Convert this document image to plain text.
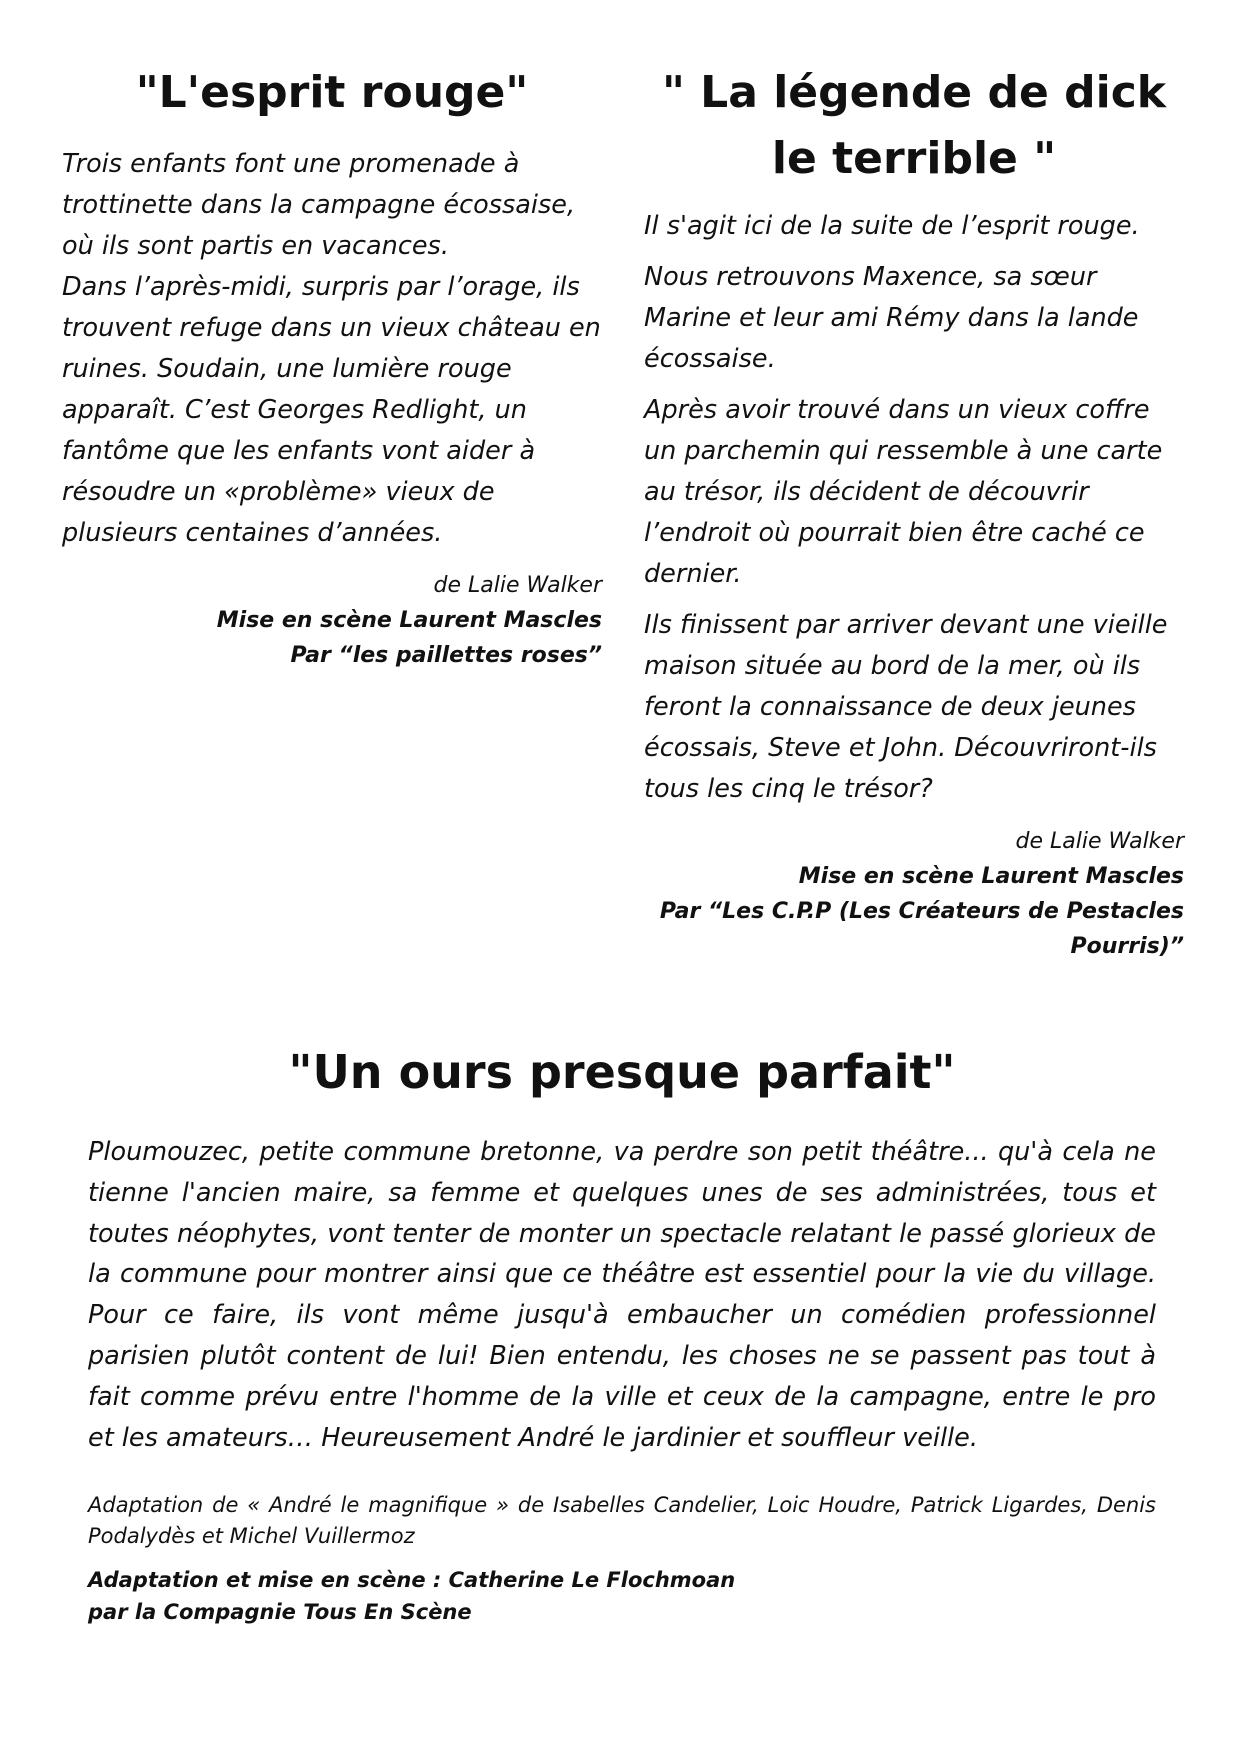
"L'esprit rouge"

Trois enfants font une promenade à trottinette dans la campagne écossaise, où ils sont partis en vacances.

Dans l’après-midi, surpris par l’orage, ils trouvent refuge dans un vieux château en ruines. Soudain, une lumière rouge apparaît. C’est Georges Redlight, un fantôme que les enfants vont aider à résoudre un «problème» vieux de plusieurs centaines d’années.

de Lalie Walker
Mise en scène Laurent Mascles
Par “les paillettes roses”
" La légende de dick le terrible "

Il s'agit ici de la suite de l’esprit rouge.

Nous retrouvons Maxence, sa sœur Marine et leur ami Rémy dans la lande écossaise.

Après avoir trouvé dans un vieux coffre un parchemin qui ressemble à une carte au trésor, ils décident de découvrir l’endroit où pourrait bien être caché ce dernier.

Ils finissent par arriver devant une vieille maison située au bord de la mer, où ils feront la connaissance de deux jeunes écossais, Steve et John. Découvriront-ils tous les cinq le trésor?

de Lalie Walker
Mise en scène Laurent Mascles
Par “Les C.P.P (Les Créateurs de Pestacles Pourris)”
"Un ours presque parfait"

Ploumouzec, petite commune bretonne, va perdre son petit théâtre... qu'à cela ne tienne l'ancien maire, sa femme et quelques unes de ses administrées, tous et toutes néophytes, vont tenter de monter un spectacle relatant le passé glorieux de la commune pour montrer ainsi que ce théâtre est essentiel pour la vie du village. Pour ce faire, ils vont même jusqu'à embaucher un comédien professionnel parisien plutôt content de lui! Bien entendu, les choses ne se passent pas tout à fait comme prévu entre l'homme de la ville et ceux de la campagne, entre le pro et les amateurs… Heureusement André le jardinier et souffleur veille.

Adaptation de « André le magnifique » de Isabelles Candelier, Loic Houdre, Patrick Ligardes, Denis Podalydès et Michel Vuillermoz
Adaptation et mise en scène : Catherine Le Flochmoan
par la Compagnie Tous En Scène
